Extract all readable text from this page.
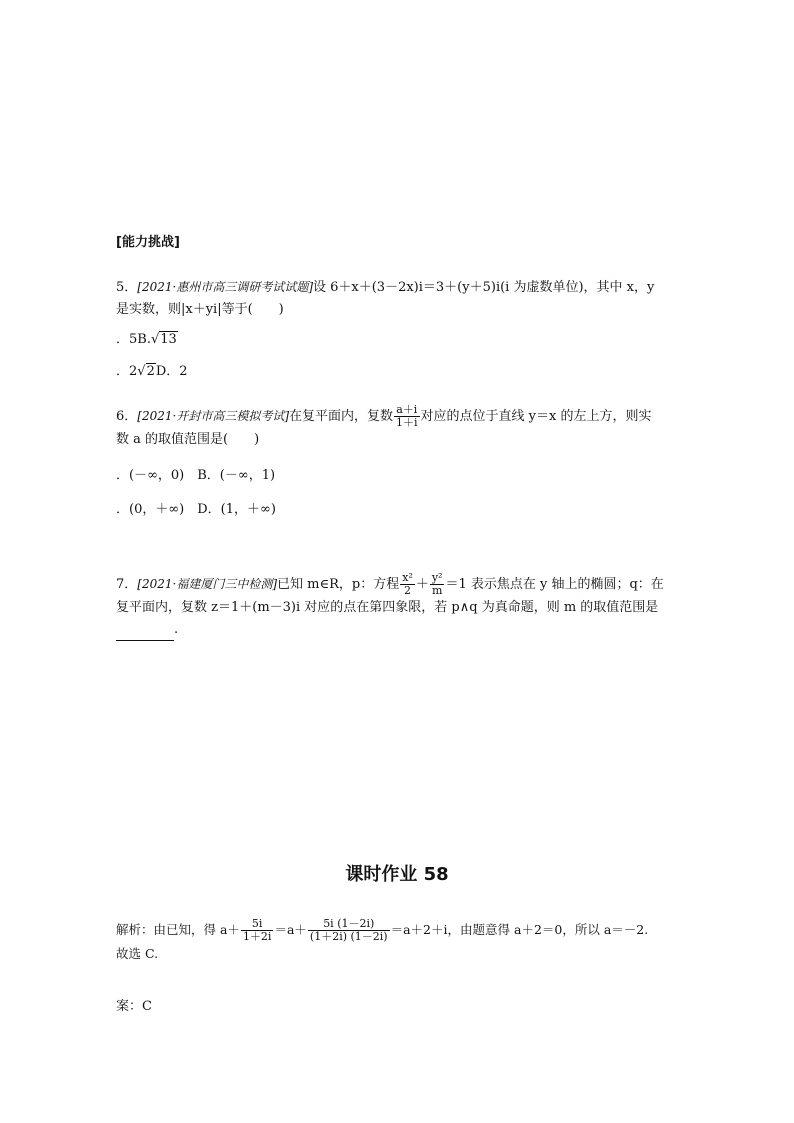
[能力挑战]
5．[2021·惠州市高三调研考试试题]设 6＋x＋(3－2x)i＝3＋(y＋5)i(i 为虚数单位)，其中 x，y
是实数，则|x＋yi|等于(　　)
．5B.√13
．2√2D．2
6．[2021·开封市高三模拟考试]在复平面内，复数 $\frac{a+i}{1+i}$ 对应的点位于直线 y＝x 的左上方，则实
数 a 的取值范围是(　　)
．(－∞，0)　B．(－∞，1)
．(0，＋∞)　D．(1，＋∞)
7．[2021·福建厦门三中检测]已知 m∈R，p：方程 $\frac{\text{x²}}{2} + \frac{\text{y²}}{m} =1$ 表示焦点在 y 轴上的椭圆；q：在
复平面内，复数 z＝1＋(m－3)i 对应的点在第四象限，若 p∧q 为真命题，则 m 的取值范围是
.
课时作业 58
解析：由已知，得 $a+ \frac{5i}{1+2i} =a+ \frac{5i (1-2i)}{(1+2i) (1-2i)} =a+2+i$，由题意得 a＋2＝0，所以 a＝－2.
故选 C.
案：C
